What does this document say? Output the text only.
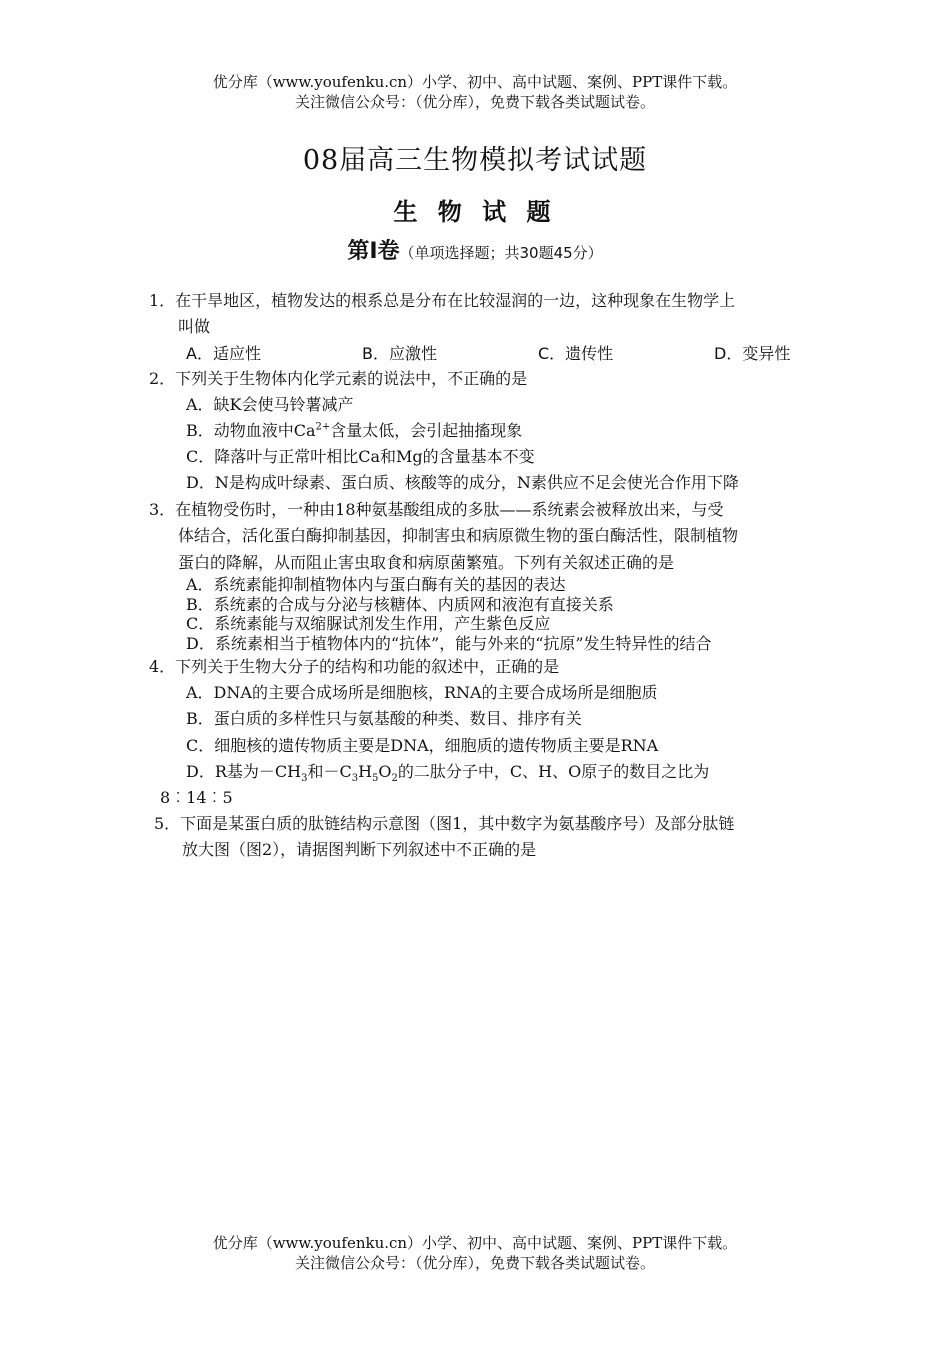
优分库（www.youfenku.cn）小学、初中、高中试题、案例、PPT课件下载。
关注微信公众号：（优分库），免费下载各类试题试卷。
08届高三生物模拟考试试题
生 物 试 题
第Ⅰ卷（单项选择题；共30题45分）
1．在干旱地区，植物发达的根系总是分布在比较湿润的一边，这种现象在生物学上
叫做
A．适应性	B．应激性	C．遗传性	D．变异性
2．下列关于生物体内化学元素的说法中，不正确的是
A．缺K会使马铃薯减产
B．动物血液中$Ca^{2+}$含量太低，会引起抽搐现象
C．降落叶与正常叶相比Ca和Mg的含量基本不变
D．N是构成叶绿素、蛋白质、核酸等的成分，N素供应不足会使光合作用下降
3．在植物受伤时，一种由18种氨基酸组成的多肽——系统素会被释放出来，与受
体结合，活化蛋白酶抑制基因，抑制害虫和病原微生物的蛋白酶活性，限制植物
蛋白的降解，从而阻止害虫取食和病原菌繁殖。下列有关叙述正确的是
A．系统素能抑制植物体内与蛋白酶有关的基因的表达
B．系统素的合成与分泌与核糖体、内质网和液泡有直接关系
C．系统素能与双缩脲试剂发生作用，产生紫色反应
D．系统素相当于植物体内的“抗体”，能与外来的“抗原”发生特异性的结合
4．下列关于生物大分子的结构和功能的叙述中，正确的是
A．DNA的主要合成场所是细胞核，RNA的主要合成场所是细胞质
B．蛋白质的多样性只与氨基酸的种类、数目、排序有关
C．细胞核的遗传物质主要是DNA，细胞质的遗传物质主要是RNA
D．R基为$-CH_3$和$-C_3H_5O_2$的二肽分子中，C、H、O原子的数目之比为
8︰14︰5
5．下面是某蛋白质的肽链结构示意图（图1，其中数字为氨基酸序号）及部分肽链
放大图（图2），请据图判断下列叙述中不正确的是
优分库（www.youfenku.cn）小学、初中、高中试题、案例、PPT课件下载。
关注微信公众号：（优分库），免费下载各类试题试卷。
